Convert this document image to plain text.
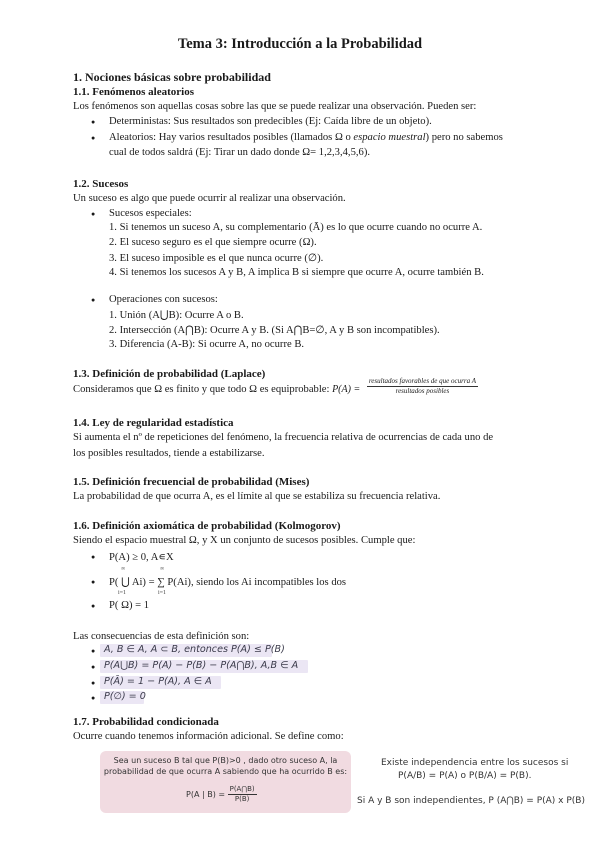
Tema 3: Introducción a la Probabilidad
1. Nociones básicas sobre probabilidad
1.1. Fenómenos aleatorios
Los fenómenos son aquellas cosas sobre las que se puede realizar una observación. Pueden ser:
● Deterministas: Sus resultados son predecibles (Ej: Caída libre de un objeto).
● Aleatorios: Hay varios resultados posibles (llamados Ω o espacio muestral) pero no sabemos
cual de todos saldrá (Ej: Tirar un dado donde Ω= 1,2,3,4,5,6).
1.2. Sucesos
Un suceso es algo que puede ocurrir al realizar una observación.
● Sucesos especiales:
1. Si tenemos un suceso A, su complementario (Ā) es lo que ocurre cuando no ocurre A.
2. El suceso seguro es el que siempre ocurre (Ω).
3. El suceso imposible es el que nunca ocurre (∅).
4. Si tenemos los sucesos A y B, A implica B si siempre que ocurre A, ocurre también B.
● Operaciones con sucesos:
1. Unión (A⋃B): Ocurre A o B.
2. Intersección (A⋂B): Ocurre A y B. (Si A⋂B=∅, A y B son incompatibles).
3. Diferencia (A-B): Si ocurre A, no ocurre B.
1.3. Definición de probabilidad (Laplace)
Consideramos que Ω es finito y que todo Ω es equiprobable: $P(A) = \frac{\text{resultados favorables de que ocurra A}}{\text{resultados posibles}}$
1.4. Ley de regularidad estadística
Si aumenta el nº de repeticiones del fenómeno, la frecuencia relativa de ocurrencias de cada uno de
los posibles resultados, tiende a estabilizarse.
1.5. Definición frecuencial de probabilidad (Mises)
La probabilidad de que ocurra A, es el límite al que se estabiliza su frecuencia relativa.
1.6. Definición axiomática de probabilidad (Kolmogorov)
Siendo el espacio muestral Ω, y X un conjunto de sucesos posibles. Cumple que:
● P(A) ≥ 0, A∊X
∞	∞
● P( ⋃ Ai) = ∑ P(Ai), siendo los Ai incompatibles los dos
i=1	i=1
● P( Ω) = 1
Las consecuencias de esta definición son:
A, B ∈ A, A ⊂ B, entonces P(A) ≤ P(B)
P(A⋃B) = P(A) − P(B) − P(A⋂B), A,B ∈ A
P(Ā) = 1 − P(A), A ∈ A
P(∅) = 0
1.7. Probabilidad condicionada
Ocurre cuando tenemos información adicional. Se define como:
Sea un suceso B tal que P(B)>0 , dado otro suceso A, la
probabilidad de que ocurra A sabiendo que ha ocurrido B es:
P(A | $B) = \frac{P(A⋂B)}{P(B)}$
Existe independencia entre los sucesos si
P(A/B) = P(A) o P(B/A) = P(B).
Si A y B son independientes, P (A⋂B) = P(A) x P(B)
